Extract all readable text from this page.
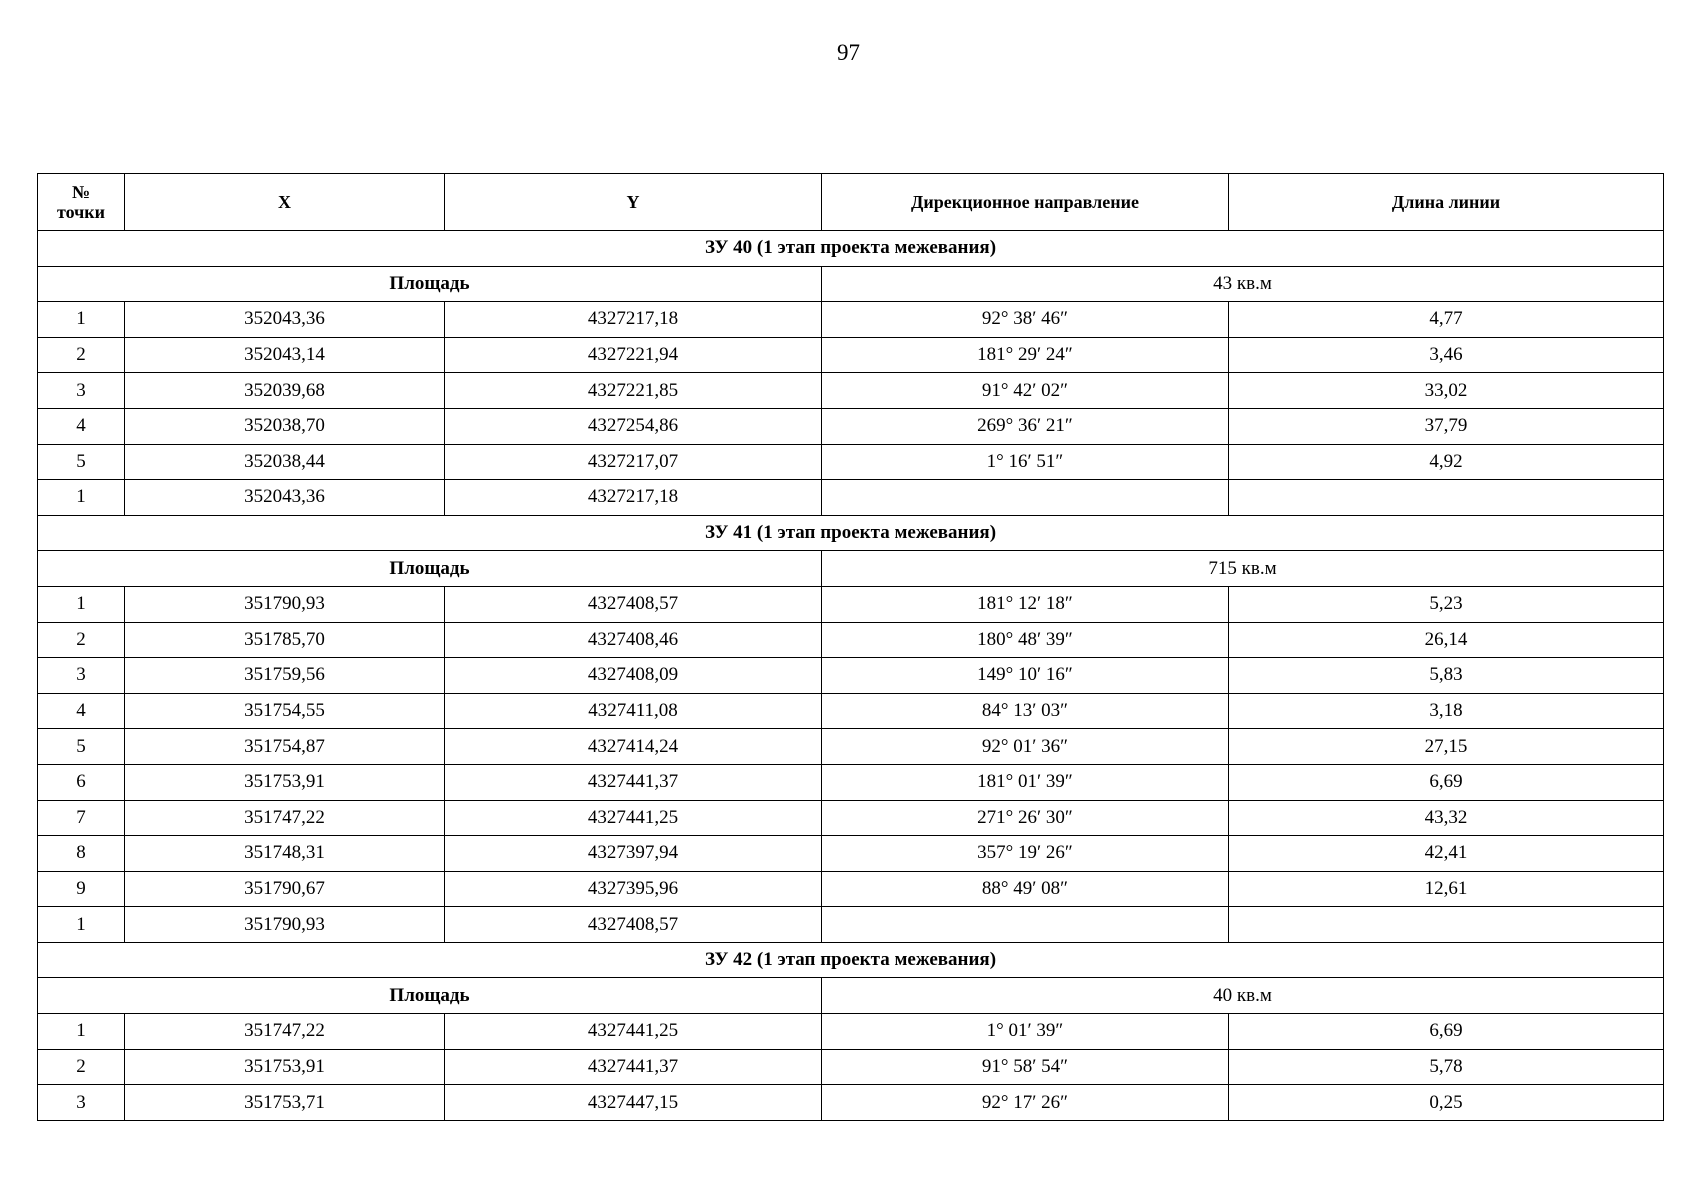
97
№
точки	X	Y	Дирекционное направление	Длина линии
ЗУ 40 (1 этап проекта межевания)				
Площадь			43 кв.м	
1	352043,36	4327217,18	92° 38′ 46″	4,77
2	352043,14	4327221,94	181° 29′ 24″	3,46
3	352039,68	4327221,85	91° 42′ 02″	33,02
4	352038,70	4327254,86	269° 36′ 21″	37,79
5	352038,44	4327217,07	1° 16′ 51″	4,92
1	352043,36	4327217,18		
ЗУ 41 (1 этап проекта межевания)				
Площадь			715 кв.м	
1	351790,93	4327408,57	181° 12′ 18″	5,23
2	351785,70	4327408,46	180° 48′ 39″	26,14
3	351759,56	4327408,09	149° 10′ 16″	5,83
4	351754,55	4327411,08	84° 13′ 03″	3,18
5	351754,87	4327414,24	92° 01′ 36″	27,15
6	351753,91	4327441,37	181° 01′ 39″	6,69
7	351747,22	4327441,25	271° 26′ 30″	43,32
8	351748,31	4327397,94	357° 19′ 26″	42,41
9	351790,67	4327395,96	88° 49′ 08″	12,61
1	351790,93	4327408,57		
ЗУ 42 (1 этап проекта межевания)				
Площадь			40 кв.м	
1	351747,22	4327441,25	1° 01′ 39″	6,69
2	351753,91	4327441,37	91° 58′ 54″	5,78
3	351753,71	4327447,15	92° 17′ 26″	0,25
